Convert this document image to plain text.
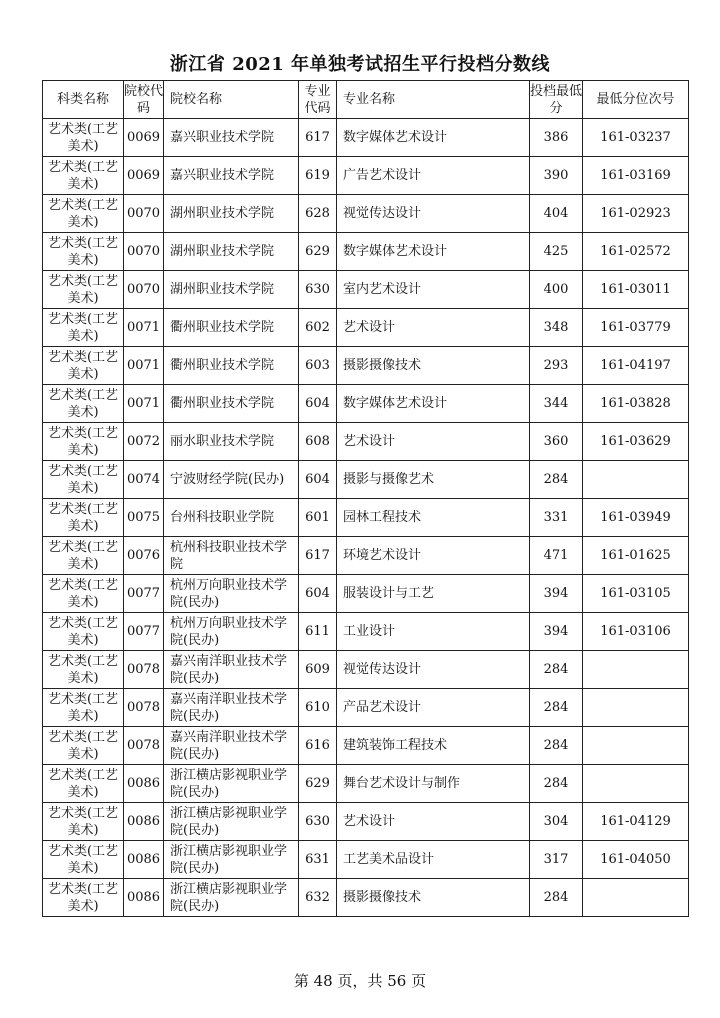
浙江省 2021 年单独考试招生平行投档分数线
科类名称	院校代码	院校名称	专业代码	专业名称	投档最低分	最低分位次号
艺术类(工艺美术)	0069	嘉兴职业技术学院	617	数字媒体艺术设计	386	161-03237
艺术类(工艺美术)	0069	嘉兴职业技术学院	619	广告艺术设计	390	161-03169
艺术类(工艺美术)	0070	湖州职业技术学院	628	视觉传达设计	404	161-02923
艺术类(工艺美术)	0070	湖州职业技术学院	629	数字媒体艺术设计	425	161-02572
艺术类(工艺美术)	0070	湖州职业技术学院	630	室内艺术设计	400	161-03011
艺术类(工艺美术)	0071	衢州职业技术学院	602	艺术设计	348	161-03779
艺术类(工艺美术)	0071	衢州职业技术学院	603	摄影摄像技术	293	161-04197
艺术类(工艺美术)	0071	衢州职业技术学院	604	数字媒体艺术设计	344	161-03828
艺术类(工艺美术)	0072	丽水职业技术学院	608	艺术设计	360	161-03629
艺术类(工艺美术)	0074	宁波财经学院(民办)	604	摄影与摄像艺术	284	
艺术类(工艺美术)	0075	台州科技职业学院	601	园林工程技术	331	161-03949
艺术类(工艺美术)	0076	杭州科技职业技术学院	617	环境艺术设计	471	161-01625
艺术类(工艺美术)	0077	杭州万向职业技术学院(民办)	604	服装设计与工艺	394	161-03105
艺术类(工艺美术)	0077	杭州万向职业技术学院(民办)	611	工业设计	394	161-03106
艺术类(工艺美术)	0078	嘉兴南洋职业技术学院(民办)	609	视觉传达设计	284	
艺术类(工艺美术)	0078	嘉兴南洋职业技术学院(民办)	610	产品艺术设计	284	
艺术类(工艺美术)	0078	嘉兴南洋职业技术学院(民办)	616	建筑装饰工程技术	284	
艺术类(工艺美术)	0086	浙江横店影视职业学院(民办)	629	舞台艺术设计与制作	284	
艺术类(工艺美术)	0086	浙江横店影视职业学院(民办)	630	艺术设计	304	161-04129
艺术类(工艺美术)	0086	浙江横店影视职业学院(民办)	631	工艺美术品设计	317	161-04050
艺术类(工艺美术)	0086	浙江横店影视职业学院(民办)	632	摄影摄像技术	284	
第 48 页，共 56 页
